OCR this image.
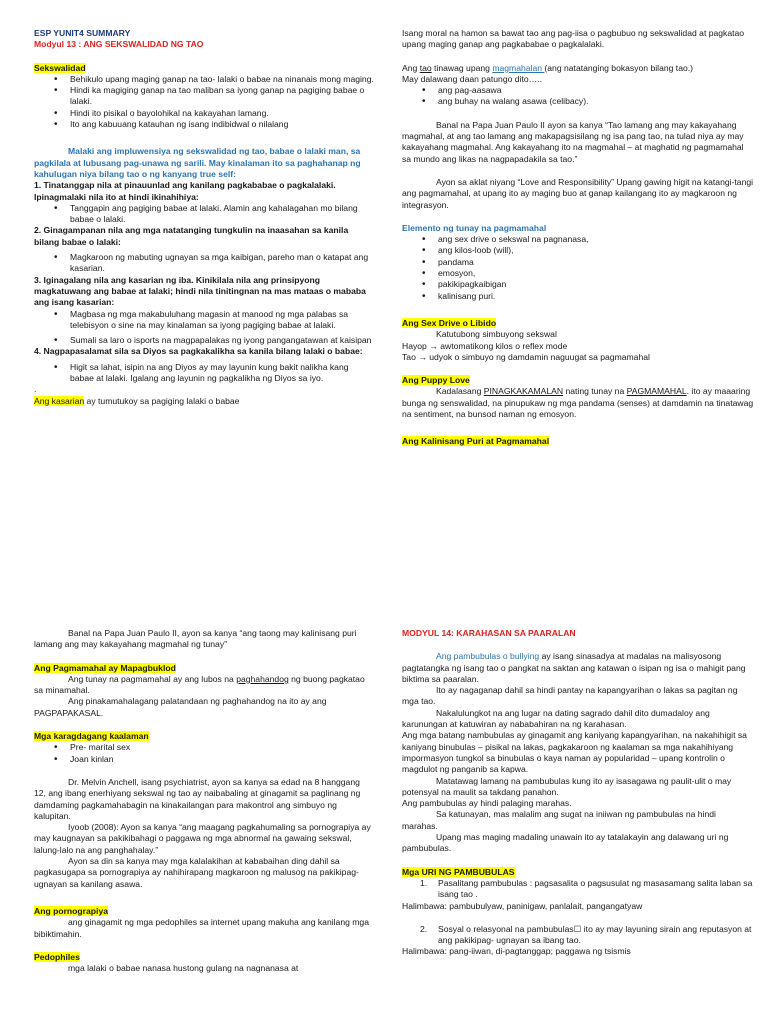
ESP YUNIT4 SUMMARY

Modyul 13 : ANG SEKSWALIDAD NG TAO

Sekswalidad

• Behikulo upang maging ganap na tao- lalaki o babae na ninanais mong maging.
• Hindi ka magiging ganap na tao maliban sa iyong ganap na pagiging babae o lalaki.
• Hindi ito pisikal o bayolohikal na kakayahan lamang.
• Ito ang kabuuang katauhan ng isang indibidwal o nilalang

Malaki ang impluwensiya ng sekswalidad ng tao, babae o lalaki man, sa pagkilala at lubusang pag-unawa ng sarili. May kinalaman ito sa paghahanap ng kahulugan niya bilang tao o ng kanyang true self:

1. Tinatanggap nila at pinauunlad ang kanilang pagkababae o pagkalalaki. Ipinagmalaki nila ito at hindi ikinahihiya:

• Tanggapin ang pagiging babae at lalaki. Alamin ang kahalagahan mo bilang babae o lalaki.

2. Ginagampanan nila ang mga natatanging tungkulin na inaasahan sa kanila bilang babae o lalaki:

• Magkaroon ng mabuting ugnayan sa mga kaibigan, pareho man o katapat ang kasarian.

3. Iginagalang nila ang kasarian ng iba. Kinikilala nila ang prinsipyong magkatuwang ang babae at lalaki; hindi nila tinitingnan na mas mataas o mababa ang isang kasarian:

• Magbasa ng mga makabuluhang magasin at manood ng mga palabas sa telebisyon o sine na may kinalaman sa iyong pagiging babae at lalaki.
• Sumali sa laro o isports na magpapalakas ng iyong pangangatawan at kaisipan

4. Nagpapasalamat sila sa Diyos sa pagkakalikha sa kanila bilang lalaki o babae:

• Higit sa lahat, isipin na ang Diyos ay may layunin kung bakit nalikha kang babae at lalaki. Igalang ang layunin ng pagkalikha ng Diyos sa iyo.

.

Ang kasarian ay tumutukoy sa pagiging lalaki o babae

Isang moral na hamon sa bawat tao ang pag-iisa o pagbubuo ng sekswalidad at pagkatao upang maging ganap ang pagkababae o pagkalalaki.

Ang tao tinawag upang magmahalan (ang natatanging bokasyon bilang tao.)

May dalawang daan patungo dito…..

• ang pag-aasawa
• ang buhay na walang asawa (celibacy).

Banal na Papa Juan Paulo II ayon sa kanya “Tao lamang ang may kakayahang magmahal, at ang tao lamang ang makapagsisilang ng isa pang tao, na tulad niya ay may kakayahang magmahal. Ang kakayahang ito na magmahal – at maghatid ng pagmamahal sa mundo ang likas na nagpapadakila sa tao.”

Ayon sa aklat niyang “Love and Responsibility” Upang gawing higit na katangi-tangi ang pagmamahal, at upang ito ay maging buo at ganap kailangang ito ay magkaroon ng integrasyon.

Elemento ng tunay na pagmamahal

• ang sex drive o sekswal na pagnanasa,
• ang kilos-loob (will),
• pandama
• emosyon,
• pakikipagkaibigan
• kalinisang puri.

Ang Sex Drive o Libido

Katutubong simbuyong sekswal

Hayop → awtomatikong kilos o reflex mode

Tao → udyok o simbuyo ng damdamin naguugat sa pagmamahal

Ang Puppy Love

Kadalasang PINAGKAKAMALAN nating tunay na PAGMAMAHAL. ito ay maaaring bunga ng senswalidad, na pinupukaw ng mga pandama (senses) at damdamin na tinatawag na sentiment, na bunsod naman ng emosyon.

Ang Kalinisang Puri at Pagmamahal

Banal na Papa Juan Paulo II, ayon sa kanya “ang taong may kalinisang puri lamang ang may kakayahang magmahal ng tunay”

Ang Pagmamahal ay Mapagbuklod

Ang tunay na pagmamahal ay ang lubos na paghahandog ng buong pagkatao sa minamahal.

Ang pinakamahalagang palatandaan ng paghahandog na ito ay ang PAGPAPAKASAL.

Mga karagdagang kaalaman

• Pre- marital sex
• Joan kinlan

Dr. Melvin Anchell, isang psychiatrist, ayon sa kanya sa edad na 8 hanggang 12, ang ibang enerhiyang sekswal ng tao ay naibabaling at ginagamit sa paglinang ng damdaming pagkamahabagin na kinakailangan para makontrol ang simbuyo ng kalupitan.

Iyoob (2008): Ayon sa kanya “ang maagang pagkahumaling sa pornograpiya ay may kaugnayan sa pakikibahagi o paggawa ng mga abnormal na gawaing sekswal, lalung-lalo na ang panghahalay.”

Ayon sa din sa kanya may mga kalalakihan at kababaihan ding dahil sa pagkasugapa sa pornograpiya ay nahihirapang magkaroon ng malusog na pakikipag-ugnayan sa kanilang asawa.

Ang pornograpiya

ang ginagamit ng mga pedophiles sa internet upang makuha ang kanilang mga bibiktimahin.

Pedophiles

mga lalaki o babae nanasa hustong gulang na nagnanasa at

MODYUL 14: KARAHASAN SA PAARALAN

Ang pambubulas o bullying ay isang sinasadya at madalas na malisyosong pagtatangka ng isang tao o pangkat na saktan ang katawan o isipan ng isa o mahigit pang biktima sa paaralan.

Ito ay nagaganap dahil sa hindi pantay na kapangyarihan o lakas sa pagitan ng mga tao.

Nakalulungkot na ang lugar na dating sagrado dahil dito dumadaloy ang karunungan at katuwiran ay nababahiran na ng karahasan.

Ang mga batang nambubulas ay ginagamit ang kaniyang kapangyarihan, na nakahihigit sa kaniyang binubulas – pisikal na lakas, pagkakaroon ng kaalaman sa mga nakahihiyang impormasyon tungkol sa binubulas o kaya naman ay popularidad – upang kontrolin o magdulot ng panganib sa kapwa.

Matatawag lamang na pambubulas kung ito ay isasagawa ng paulit-ulit o may potensyal na maulit sa takdang panahon.

Ang pambubulas ay hindi palaging marahas.

Sa katunayan, mas malalim ang sugat na iniiwan ng pambubulas na hindi marahas.

Upang mas maging madaling unawain ito ay tatalakayin ang dalawang uri ng pambubulas.

Mga URI NG PAMBUBULAS

1. Pasalitang pambubulas : pagsasalita o pagsusulat ng masasamang salita laban sa isang tao .

Halimbawa: pambubulyaw, paninigaw, panlalait, pangangatyaw

2. Sosyal o relasyonal na pambubulas☐ ito ay may layuning sirain ang reputasyon at ang pakikipag- ugnayan sa ibang tao.

Halimbawa: pang-iiwan, di-pagtanggap; paggawa ng tsismis
